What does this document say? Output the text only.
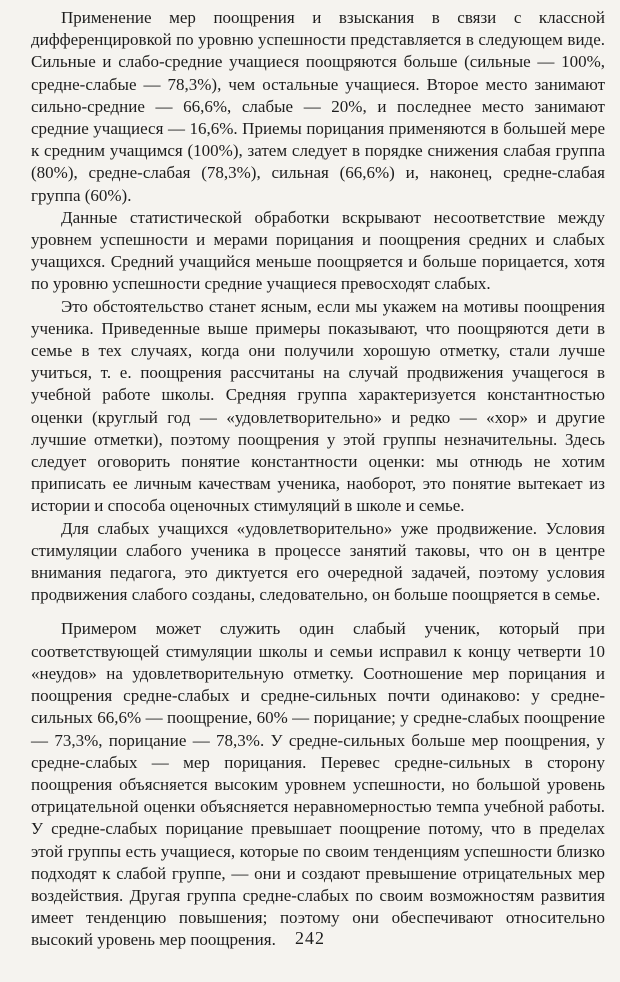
Применение мер поощрения и взыскания в связи с классной дифференцировкой по уровню успешности представляется в следующем виде. Сильные и слабо-средние учащиеся поощряются больше (сильные — 100%, средне-слабые — 78,3%), чем остальные учащиеся. Второе место занимают сильно-средние — 66,6%, слабые — 20%, и последнее место занимают средние учащиеся — 16,6%. Приемы порицания применяются в большей мере к средним учащимся (100%), затем следует в порядке снижения слабая группа (80%), средне-слабая (78,3%), сильная (66,6%) и, наконец, средне-слабая группа (60%).

Данные статистической обработки вскрывают несоответствие между уровнем успешности и мерами порицания и поощрения средних и слабых учащихся. Средний учащийся меньше поощряется и больше порицается, хотя по уровню успешности средние учащиеся превосходят слабых.

Это обстоятельство станет ясным, если мы укажем на мотивы поощрения ученика. Приведенные выше примеры показывают, что поощряются дети в семье в тех случаях, когда они получили хорошую отметку, стали лучше учиться, т. е. поощрения рассчитаны на случай продвижения учащегося в учебной работе школы. Средняя группа характеризуется константностью оценки (круглый год — «удовлетворительно» и редко — «хор» и другие лучшие отметки), поэтому поощрения у этой группы незначительны. Здесь следует оговорить понятие константности оценки: мы отнюдь не хотим приписать ее личным качествам ученика, наоборот, это понятие вытекает из истории и способа оценочных стимуляций в школе и семье.

Для слабых учащихся «удовлетворительно» уже продвижение. Условия стимуляции слабого ученика в процессе занятий таковы, что он в центре внимания педагога, это диктуется его очередной задачей, поэтому условия продвижения слабого созданы, следовательно, он больше поощряется в семье.

Примером может служить один слабый ученик, который при соответствующей стимуляции школы и семьи исправил к концу четверти 10 «неудов» на удовлетворительную отметку. Соотношение мер порицания и поощрения средне-слабых и средне-сильных почти одинаково: у средне-сильных 66,6% — поощрение, 60% — порицание; у средне-слабых поощрение — 73,3%, порицание — 78,3%. У средне-сильных больше мер поощрения, у средне-слабых — мер порицания. Перевес средне-сильных в сторону поощрения объясняется высоким уровнем успешности, но большой уровень отрицательной оценки объясняется неравномерностью темпа учебной работы. У средне-слабых порицание превышает поощрение потому, что в пределах этой группы есть учащиеся, которые по своим тенденциям успешности близко подходят к слабой группе, — они и создают превышение отрицательных мер воздействия. Другая группа средне-слабых по своим возможностям развития имеет тенденцию повышения; поэтому они обеспечивают относительно высокий уровень мер поощрения.	242
